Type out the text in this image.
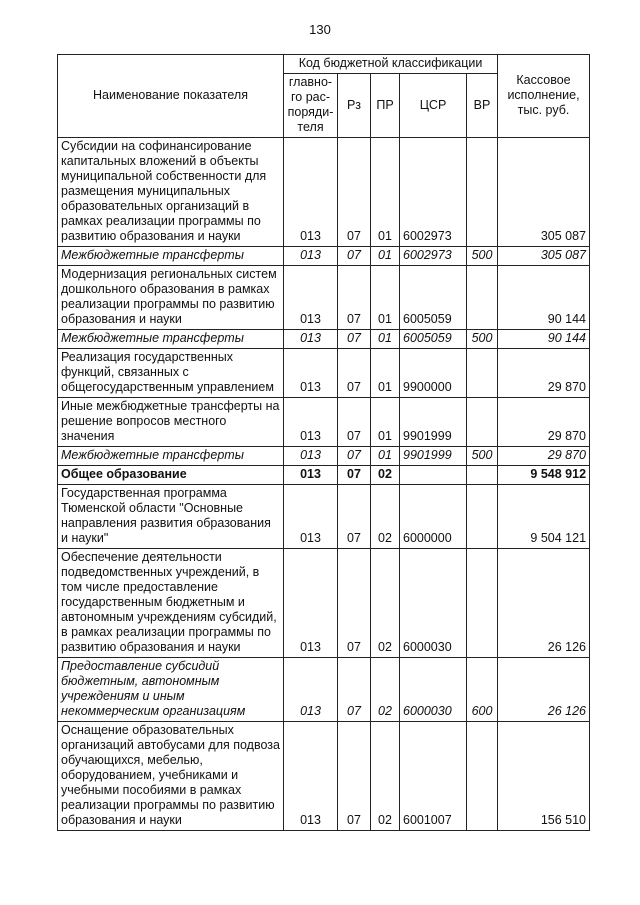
130
Наименование показателя	Код бюджетной классификации					Кассовое исполнение, тыс. руб.
	главно-го рас-поряди-теля	Рз	ПР	ЦСР	ВР	
Субсидии на софинансирование капитальных вложений в объекты муниципальной собственности для размещения муниципальных образовательных организаций в рамках реализации программы по развитию образования и науки	013	07	01	6002973		305 087
Межбюджетные трансферты	013	07	01	6002973	500	305 087
Модернизация региональных систем дошкольного образования в рамках реализации программы по развитию образования и науки	013	07	01	6005059		90 144
Межбюджетные трансферты	013	07	01	6005059	500	90 144
Реализация государственных функций, связанных с общегосударственным управлением	013	07	01	9900000		29 870
Иные межбюджетные трансферты на решение вопросов местного значения	013	07	01	9901999		29 870
Межбюджетные трансферты	013	07	01	9901999	500	29 870
Общее образование	013	07	02			9 548 912
Государственная программа Тюменской области "Основные направления развития образования и науки"	013	07	02	6000000		9 504 121
Обеспечение деятельности подведомственных учреждений, в том числе предоставление государственным бюджетным и автономным учреждениям субсидий, в рамках реализации программы по развитию образования и науки	013	07	02	6000030		26 126
Предоставление субсидий бюджетным, автономным учреждениям и иным некоммерческим организациям	013	07	02	6000030	600	26 126
Оснащение образовательных организаций автобусами для подвоза обучающихся, мебелью, оборудованием, учебниками и учебными пособиями в рамках реализации программы по развитию образования и науки	013	07	02	6001007		156 510
